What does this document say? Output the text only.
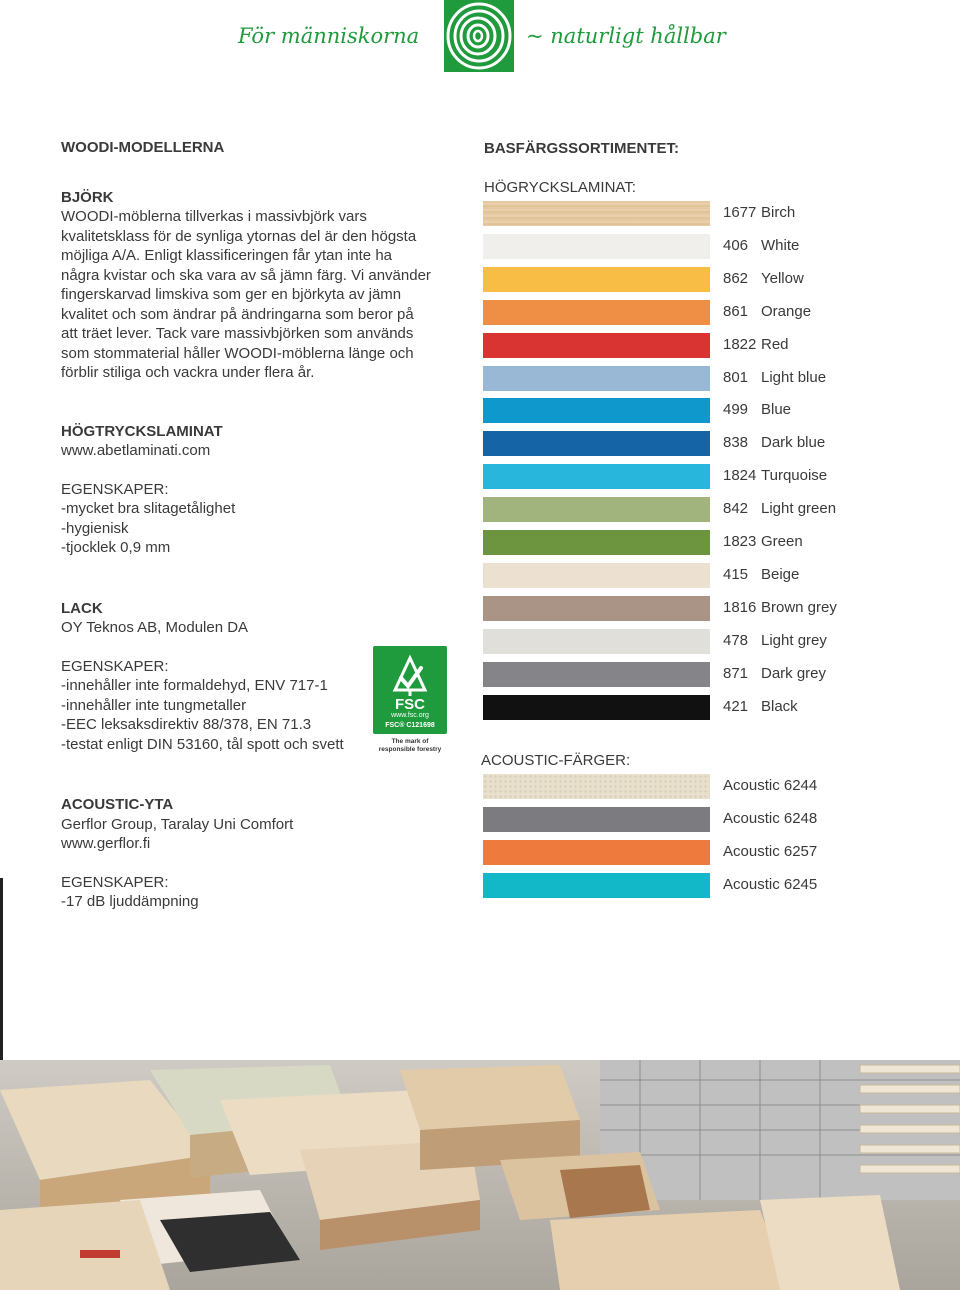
För människorna	~ naturligt hållbar

WOODI-MODELLERNA

BJÖRK

WOODI-möblerna tillverkas i massivbjörk vars

kvalitetsklass för de synliga ytornas del är den högsta

möjliga A/A. Enligt klassificeringen får ytan inte ha

några kvistar och ska vara av så jämn färg. Vi använder

fingerskarvad limskiva som ger en björkyta av jämn

kvalitet och som ändrar på ändringarna som beror på

att träet lever. Tack vare massivbjörken som används

som stommaterial håller WOODI-möblerna länge och

förblir stiliga och vackra under flera år.

HÖGTRYCKSLAMINAT

www.abetlaminati.com

EGENSKAPER:

-mycket bra slitagetålighet

-hygienisk

-tjocklek 0,9 mm

LACK

OY Teknos AB, Modulen DA

EGENSKAPER:

-innehåller inte formaldehyd, ENV 717-1

-innehåller inte tungmetaller

-EEC leksaksdirektiv 88/378, EN 71.3

-testat enligt DIN 53160, tål spott och svett

ACOUSTIC-YTA

Gerflor Group, Taralay Uni Comfort

www.gerflor.fi

EGENSKAPER:

-17 dB ljuddämpning

FSC
www.fsc.org
FSC® C121698
The mark of
responsible forestry
BASFÄRGSSORTIMENTET:
HÖGRYCKSLAMINAT:
1677 Birch
406 White
862 Yellow
861 Orange
1822 Red
801 Light blue
499 Blue
838 Dark blue
1824 Turquoise
842 Light green
1823 Green
415 Beige
1816 Brown grey
478 Light grey
871 Dark grey
421 Black
ACOUSTIC-FÄRGER:
Acoustic 6244
Acoustic 6248
Acoustic 6257
Acoustic 6245
